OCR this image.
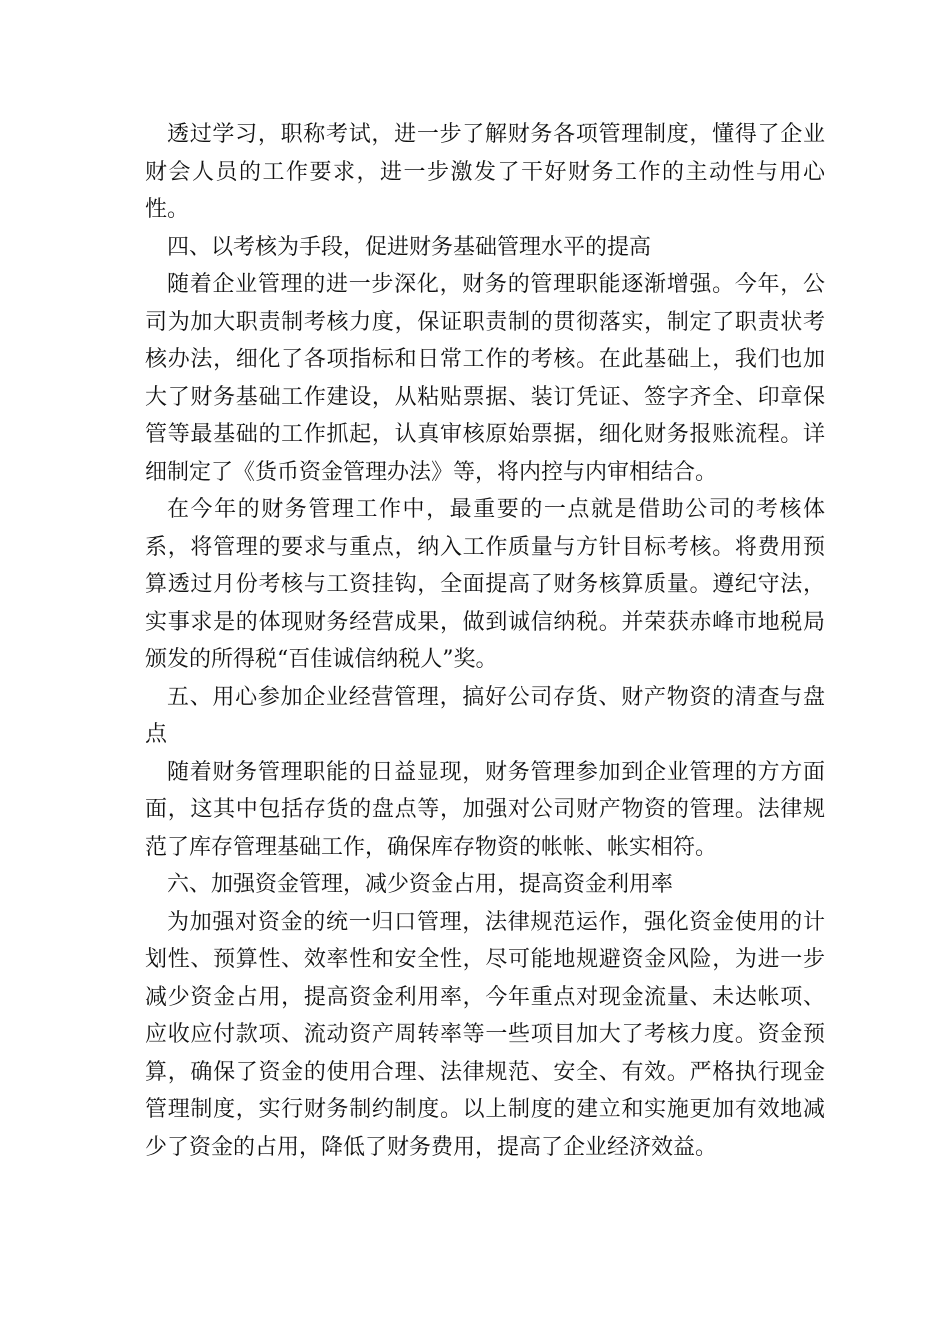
透过学习，职称考试，进一步了解财务各项管理制度，懂得了企业财会人员的工作要求，进一步激发了干好财务工作的主动性与用心性。

四、以考核为手段，促进财务基础管理水平的提高

随着企业管理的进一步深化，财务的管理职能逐渐增强。今年，公司为加大职责制考核力度，保证职责制的贯彻落实，制定了职责状考核办法，细化了各项指标和日常工作的考核。在此基础上，我们也加大了财务基础工作建设，从粘贴票据、装订凭证、签字齐全、印章保管等最基础的工作抓起，认真审核原始票据，细化财务报账流程。详细制定了《货币资金管理办法》等，将内控与内审相结合。

在今年的财务管理工作中，最重要的一点就是借助公司的考核体系，将管理的要求与重点，纳入工作质量与方针目标考核。将费用预算透过月份考核与工资挂钩，全面提高了财务核算质量。遵纪守法，实事求是的体现财务经营成果，做到诚信纳税。并荣获赤峰市地税局颁发的所得税“百佳诚信纳税人”奖。

五、用心参加企业经营管理，搞好公司存货、财产物资的清查与盘点

随着财务管理职能的日益显现，财务管理参加到企业管理的方方面面，这其中包括存货的盘点等，加强对公司财产物资的管理。法律规范了库存管理基础工作，确保库存物资的帐帐、帐实相符。

六、加强资金管理，减少资金占用，提高资金利用率

为加强对资金的统一归口管理，法律规范运作，强化资金使用的计划性、预算性、效率性和安全性，尽可能地规避资金风险，为进一步减少资金占用，提高资金利用率，今年重点对现金流量、未达帐项、应收应付款项、流动资产周转率等一些项目加大了考核力度。资金预算，确保了资金的使用合理、法律规范、安全、有效。严格执行现金管理制度，实行财务制约制度。以上制度的建立和实施更加有效地减少了资金的占用，降低了财务费用，提高了企业经济效益。
